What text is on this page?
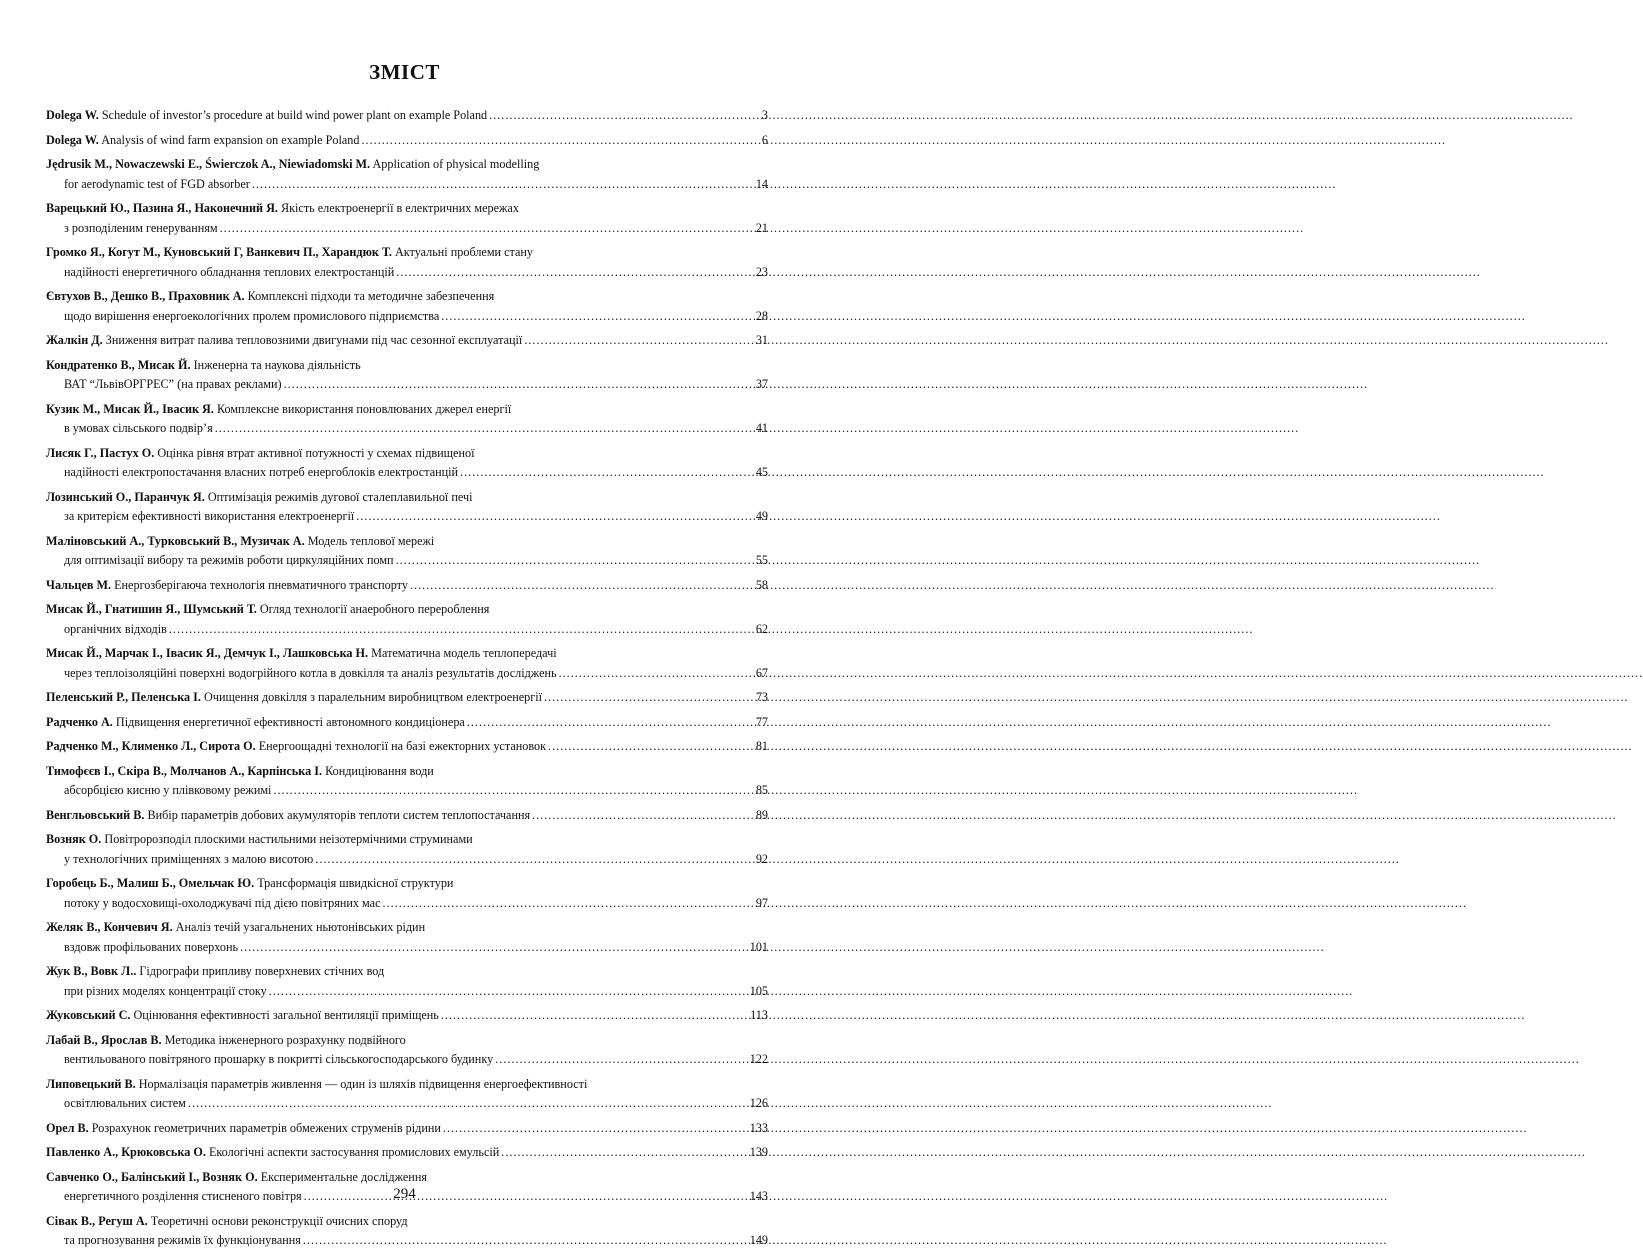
ЗМІСТ
Dolega W. Schedule of investor’s procedure at build wind power plant on example Poland .....	3
Dolega W. Analysis of wind farm expansion on example Poland .....	6
Jędrusik M., Nowaczewski E., Świerczok A., Niewiadomski M. Application of physical modelling
for aerodynamic test of FGD absorber .....	14
Варецький Ю., Пазина Я., Наконечний Я. Якість електроенергії в електричних мережах
з розподіленим генеруванням .....	21
Громко Я., Когут М., Куновський Г, Ванкевич П., Харандюк Т. Актуальні проблеми стану
надійності енергетичного обладнання теплових електростанцій .....	23
Євтухов В., Дешко В., Праховник А. Комплексні підходи та методичне забезпечення
щодо вирішення енергоекологічних пролем промислового підприємства .....	28
Жалкін Д. Зниження витрат палива тепловозними двигунами під час сезонної експлуатації .....	31
Кондратенко В., Мисак Й. Інженерна та наукова діяльність
ВАТ “ЛьвівОРГРЕС” (на правах реклами) .....	37
Кузик М., Мисак Й., Івасик Я. Комплексне використання поновлюваних джерел енергії
в умовах сільського подвір’я .....	41
Лисяк Г., Пастух О. Оцінка рівня втрат активної потужності у схемах підвищеної
надійності електропостачання власних потреб енергоблоків електростанцій .....	45
Лозинський О., Паранчук Я. Оптимізація режимів дугової сталеплавильної печі
за критерієм ефективності використання електроенергії .....	49
Маліновський А., Турковський В., Музичак А. Модель теплової мережі
для оптимізації вибору та режимів роботи циркуляційних помп .....	55
Чальцев М. Енергозберігаюча технологія пневматичного транспорту .....	58
Мисак Й., Гнатишин Я., Шумський Т. Огляд технології анаеробного перероблення
органічних відходів .....	62
Мисак Й., Марчак І., Івасик Я., Демчук І., Лашковська Н. Математична модель теплопередачі
через теплоізоляційні поверхні водогрійного котла в довкілля та аналіз результатів досліджень .....	67
Пеленський Р., Пеленська І. Очищення довкілля з паралельним виробництвом електроенергії .....	73
Радченко А. Підвищення енергетичної ефективності автономного кондиціонера .....	77
Радченко М., Клименко Л., Сирота О. Енергоощадні технології на базі ежекторних установок .....	81
Тимофєєв І., Скіра В., Молчанов А., Карпінська І. Кондиціювання води
абсорбцією кисню у плівковому режимі .....	85
Венгльовський В. Вибір параметрів добових акумуляторів теплоти систем теплопостачання .....	89
Возняк О. Повітророзподіл плоскими настильними неізотермічними струминами
у технологічних приміщеннях з малою висотою .....	92
Горобець Б., Малиш Б., Омельчак Ю. Трансформація швидкісної структури
потоку у водосховищі-охолоджувачі під дією повітряних мас .....	97
Желяк В., Кончевич Я. Аналіз течій узагальнених ньютонівських рідин
вздовж профільованих поверхонь .....	101
Жук В., Вовк Л.. Гідрографи припливу поверхневих стічних вод
при різних моделях концентрації стоку .....	105
Жуковський С. Оцінювання ефективності загальної вентиляції приміщень .....	113
Лабай В., Ярослав В. Методика інженерного розрахунку подвійного
вентильованого повітряного прошарку в покритті сільськогосподарського будинку .....	122
Липовецький В. Нормалізація параметрів живлення — один із шляхів підвищення енергоефективності
освітлювальних систем .....	126
Орел В. Розрахунок геометричних параметрів обмежених струменів рідини .....	133
Павленко А., Крюковська О. Екологічні аспекти застосування промислових емульсій .....	139
Савченко О., Балінський І., Возняк О. Експериментальне дослідження
енергетичного розділення стисненого повітря .....	143
Сівак В., Регуш А. Теоретичні основи реконструкції очисних споруд
та прогнозування режимів їх функціонування .....	149
294
